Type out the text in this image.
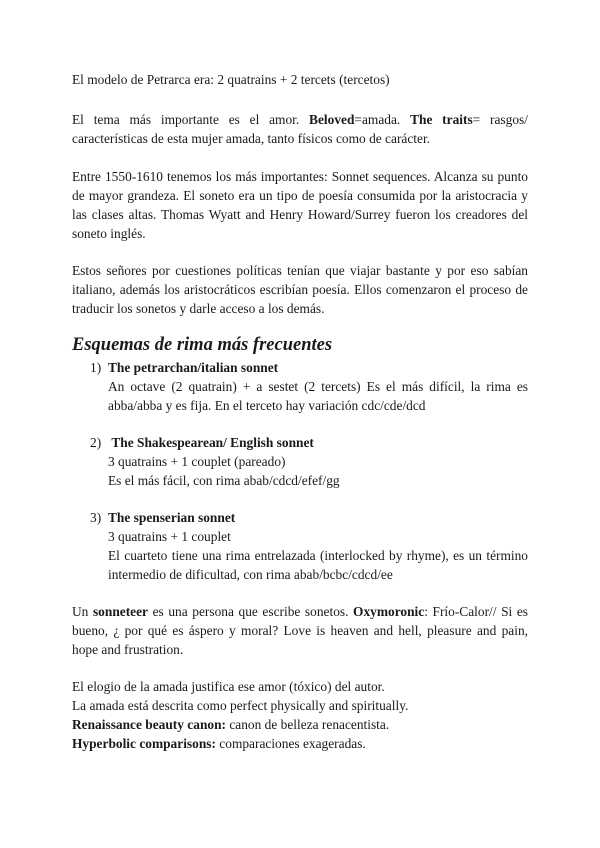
El modelo de Petrarca era: 2 quatrains + 2 tercets (tercetos)

El tema más importante es el amor. Beloved=amada. The traits= rasgos/ características de esta mujer amada, tanto físicos como de carácter.

Entre 1550-1610 tenemos los más importantes: Sonnet sequences. Alcanza su punto de mayor grandeza. El soneto era un tipo de poesía consumida por la aristocracia y las clases altas. Thomas Wyatt and Henry Howard/Surrey fueron los creadores del soneto inglés.

Estos señores por cuestiones políticas tenían que viajar bastante y por eso sabían italiano, además los aristocráticos escribían poesía. Ellos comenzaron el proceso de traducir los sonetos y darle acceso a los demás.

Esquemas de rima más frecuentes

1) The petrarchan/italian sonnet

An octave (2 quatrain) + a sestet (2 tercets) Es el más difícil, la rima es abba/abba y es fija. En el terceto hay variación cdc/cde/dcd

2) The Shakespearean/ English sonnet

3 quatrains + 1 couplet (pareado)

Es el más fácil, con rima abab/cdcd/efef/gg

3) The spenserian sonnet

3 quatrains + 1 couplet

El cuarteto tiene una rima entrelazada (interlocked by rhyme), es un término intermedio de dificultad, con rima abab/bcbc/cdcd/ee

Un sonneteer es una persona que escribe sonetos. Oxymoronic: Frío-Calor// Si es bueno, ¿ por qué es áspero y moral? Love is heaven and hell, pleasure and pain, hope and frustration.

El elogio de la amada justifica ese amor (tóxico) del autor.

La amada está descrita como perfect physically and spiritually.

Renaissance beauty canon: canon de belleza renacentista.

Hyperbolic comparisons: comparaciones exageradas.
